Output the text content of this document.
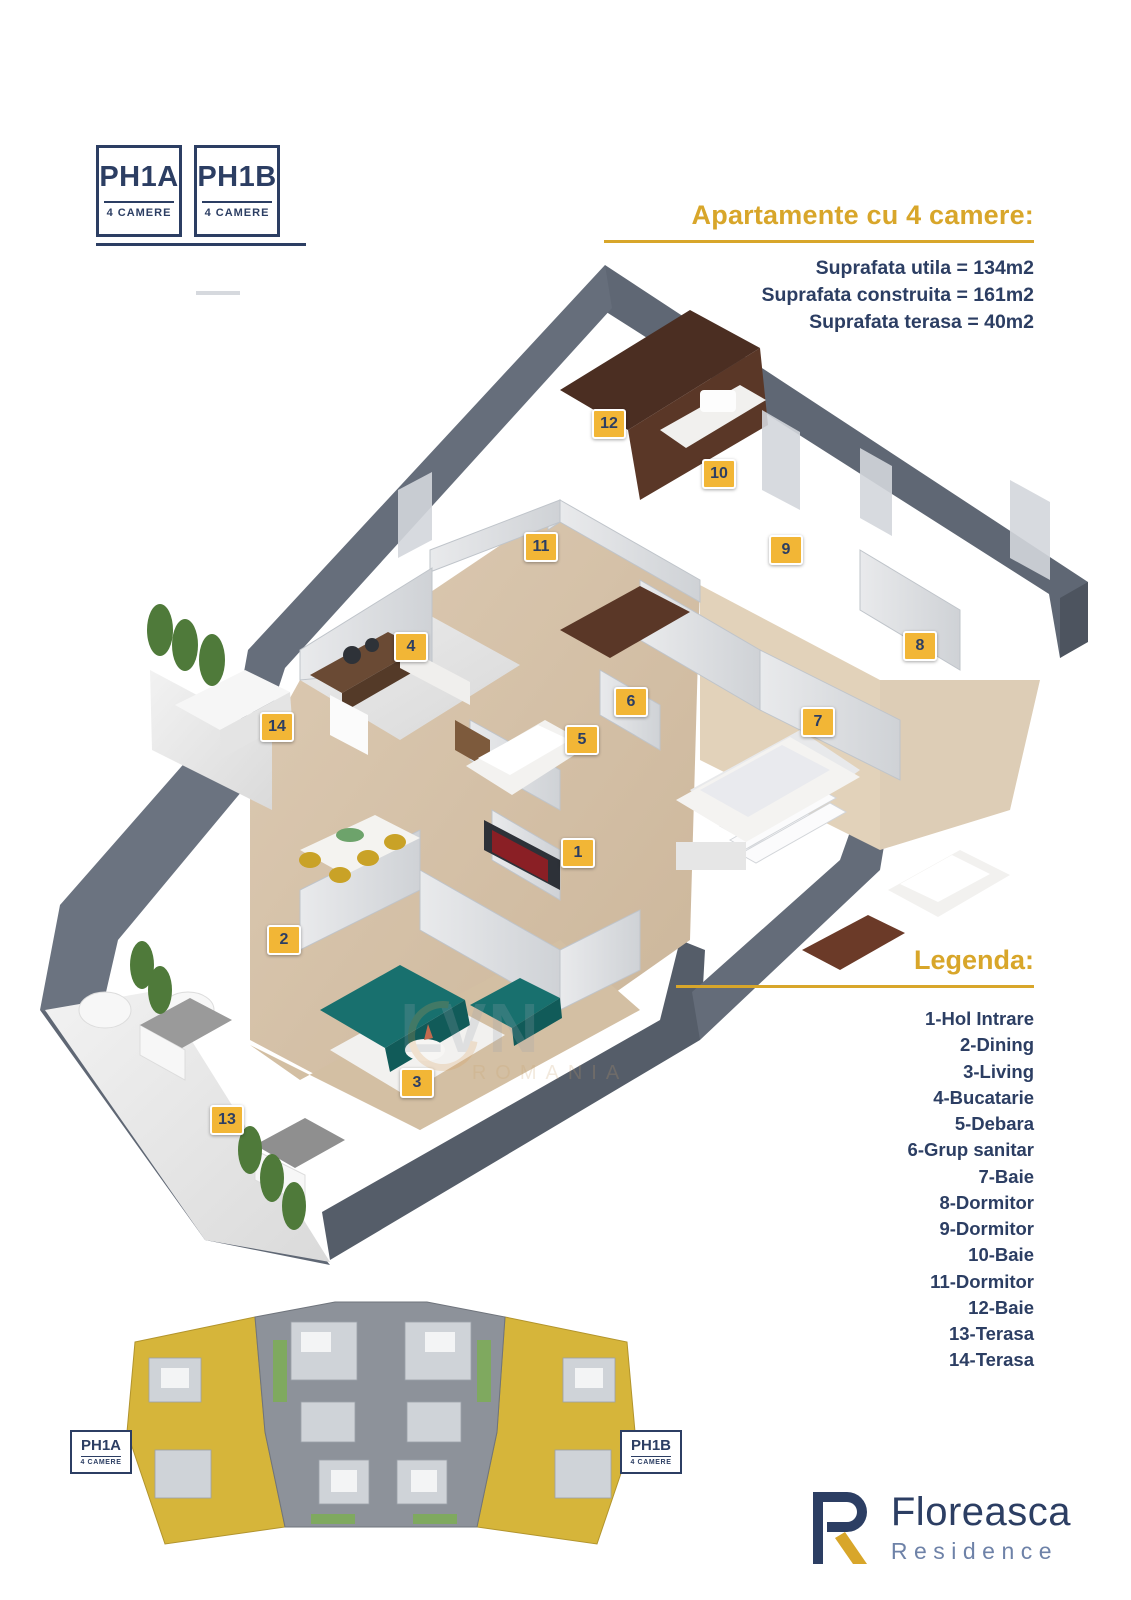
PH1A
4 CAMERE
PH1B
4 CAMERE	Apartamente cu 4 camere:
Suprafata utila = 134m2
Suprafata construita = 161m2
Suprafata terasa = 40m2
12
10
11	9
4	8
6
14
5
7
1
2
3
13
LVN
ROMANIA
Legenda:
1-Hol Intrare
2-Dining
3-Living
4-Bucatarie
5-Debara
6-Grup sanitar
7-Baie
8-Dormitor
9-Dormitor
10-Baie
11-Dormitor
12-Baie
13-Terasa
14-Terasa
PH1A
4 CAMERE
PH1B
4 CAMERE
Floreasca
Residence
